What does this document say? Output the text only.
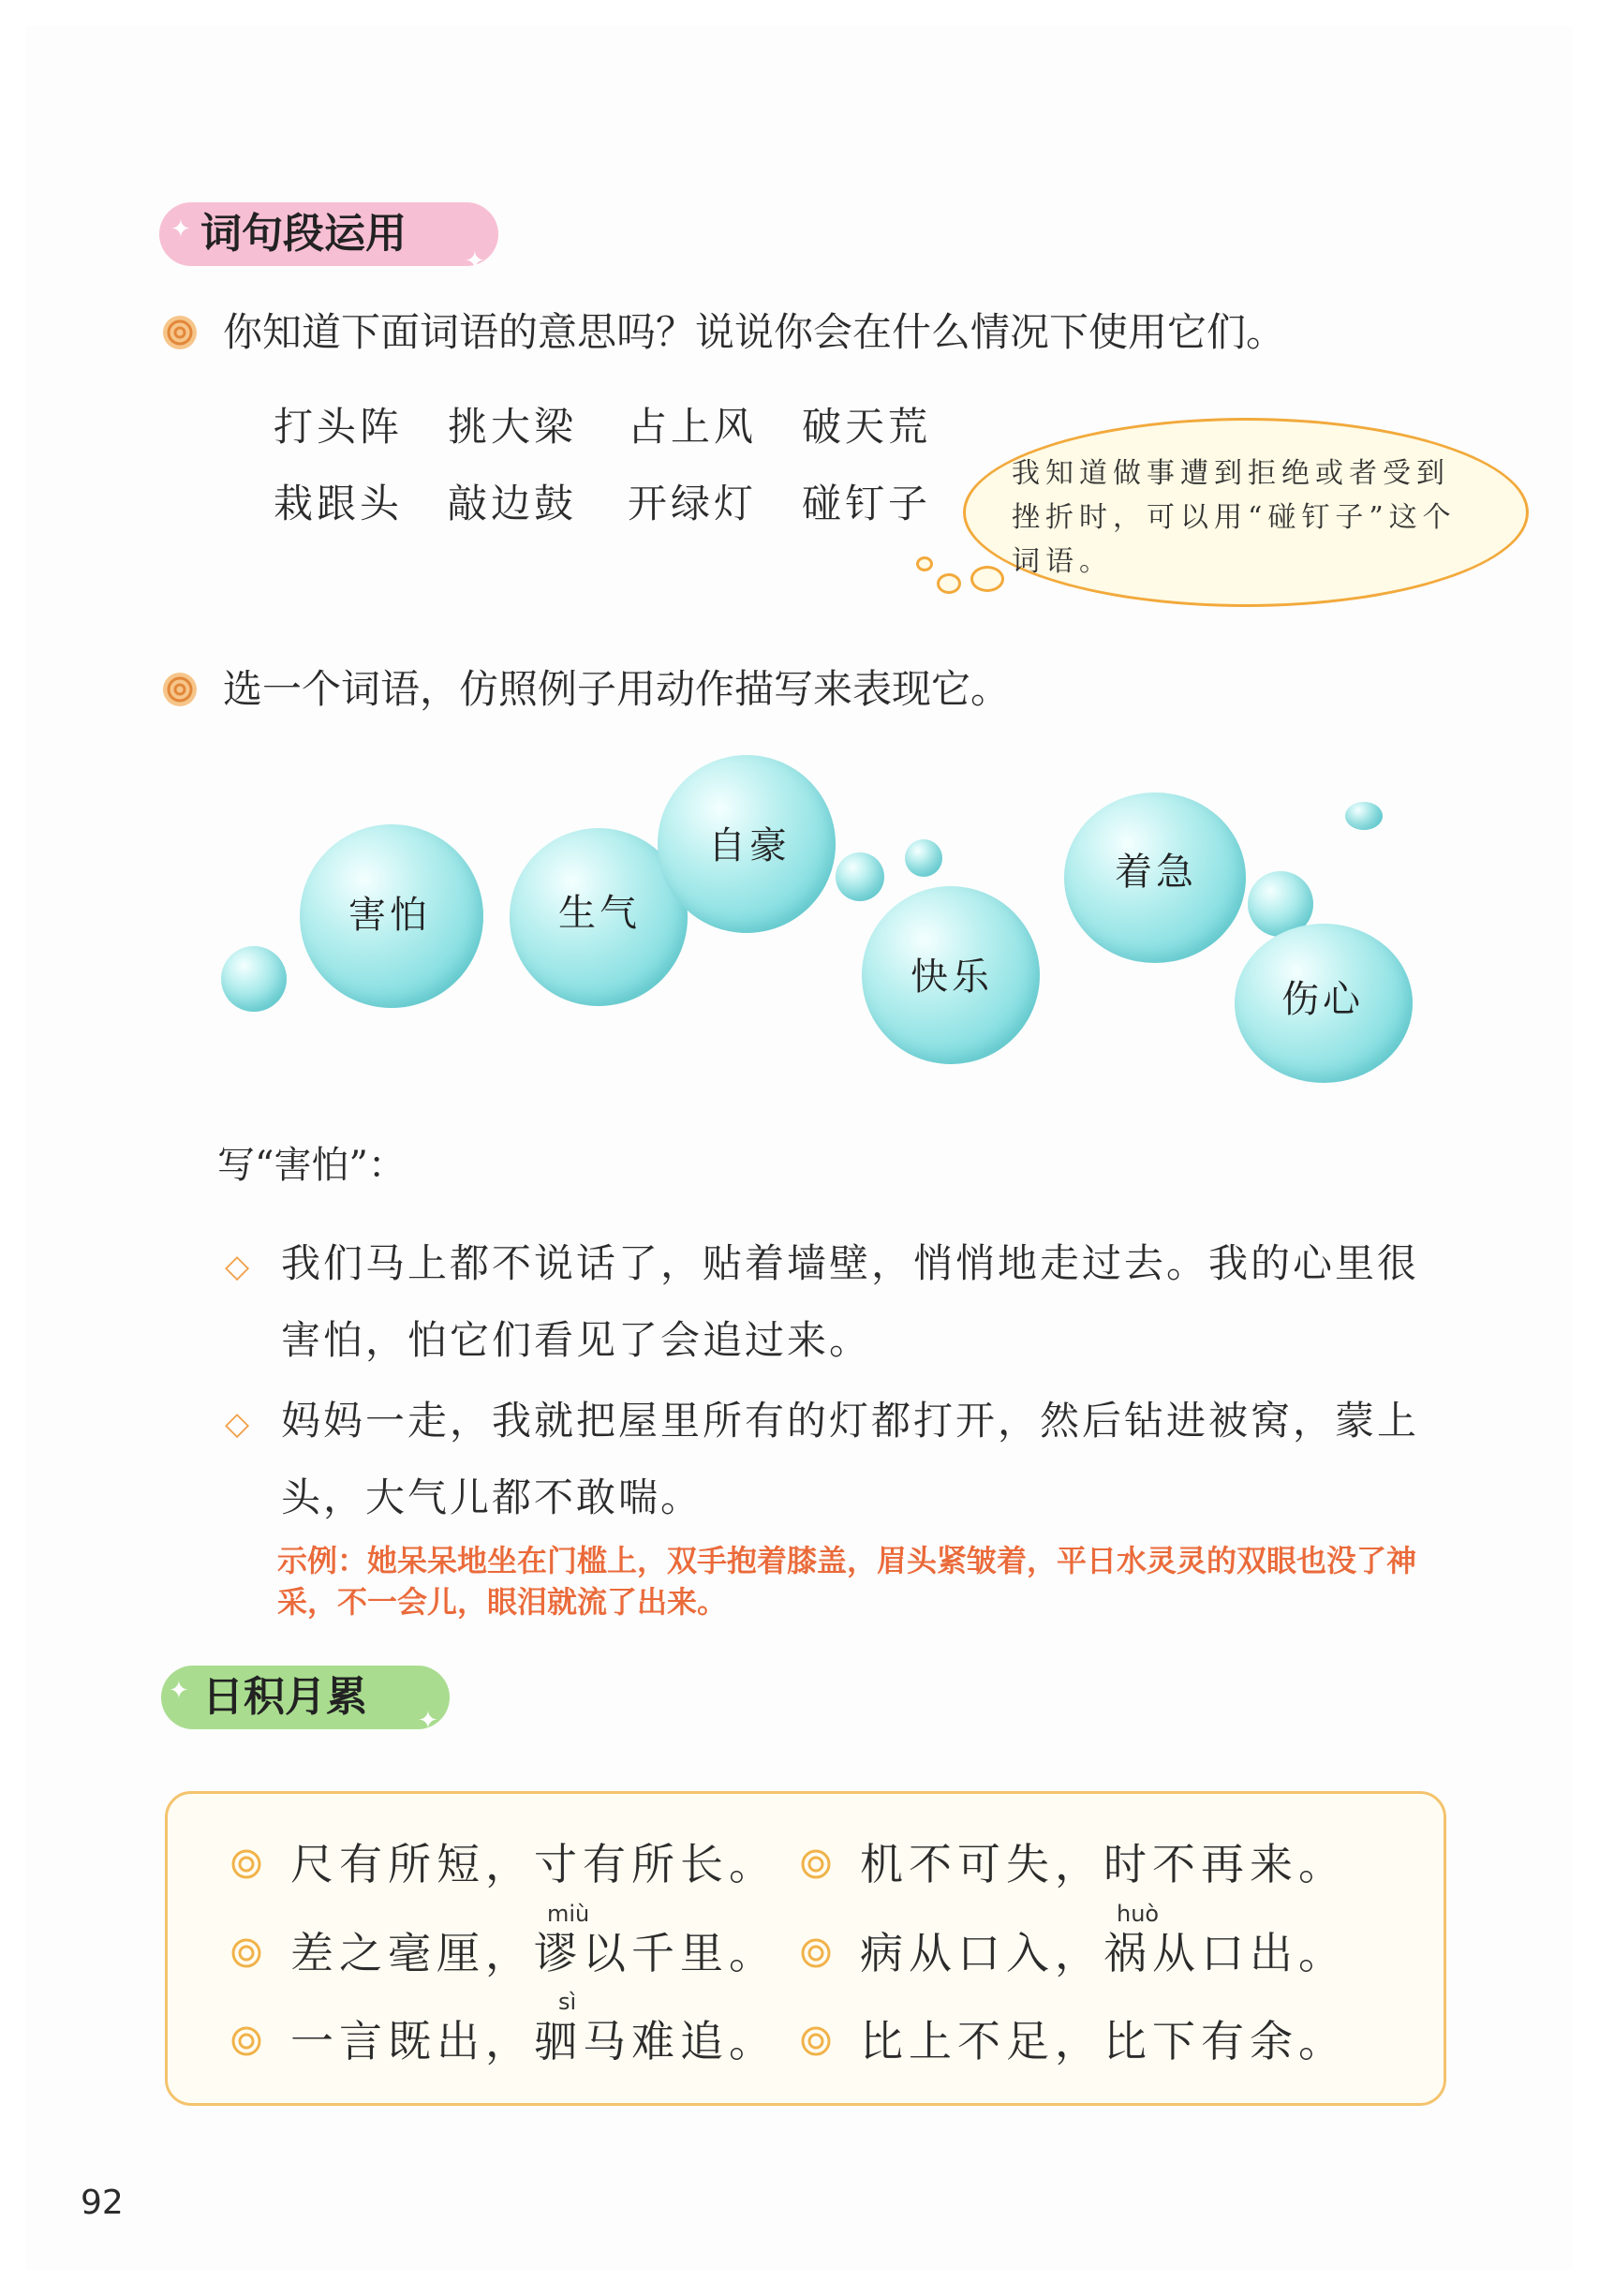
词句段运用
✦
✦
你知道下面词语的意思吗？说说你会在什么情况下使用它们。
打头阵 挑大梁 占上风 破天荒
栽跟头 敲边鼓 开绿灯 碰钉子
我知道做事遭到拒绝或者受到挫折时，可以用“碰钉子”这个词语。
选一个词语，仿照例子用动作描写来表现它。
害怕	生气
自豪
快乐
着急
伤心
写“害怕”：
◇ 我们马上都不说话了，贴着墙壁，悄悄地走过去。我的心里很害怕，怕它们看见了会追过来。
◇ 妈妈一走，我就把屋里所有的灯都打开，然后钻进被窝，蒙上头，大气儿都不敢喘。
示例：她呆呆地坐在门槛上，双手抱着膝盖，眉头紧皱着，平日水灵灵的双眼也没了神采，不一会儿，眼泪就流了出来。
日积月累
✦
✦
尺有所短，寸有所长。 机不可失，时不再来。
miù	huò
差之毫厘，谬以千里。 病从口入，祸从口出。
sì
一言既出，驷马难追。 比上不足，比下有余。
92
